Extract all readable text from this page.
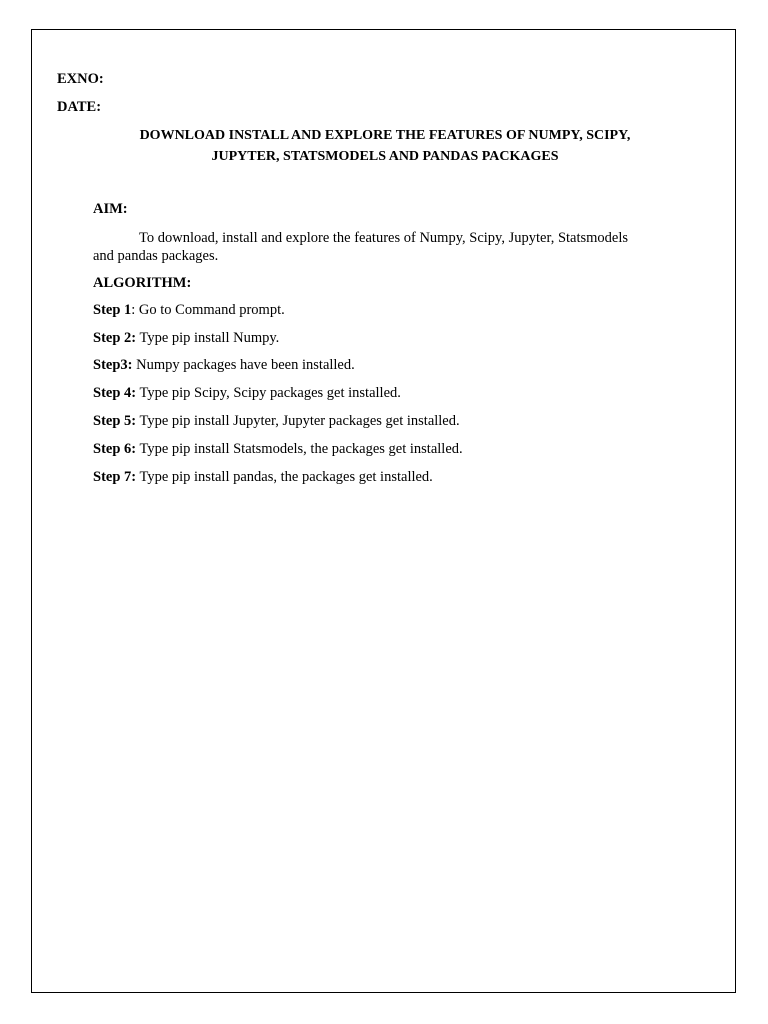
EXNO:

DATE:

DOWNLOAD INSTALL AND EXPLORE THE FEATURES OF NUMPY, SCIPY,
JUPYTER, STATSMODELS AND PANDAS PACKAGES
AIM:

To download, install and explore the features of Numpy, Scipy, Jupyter, Statsmodels
and pandas packages.

ALGORITHM:

Step 1: Go to Command prompt.

Step 2: Type pip install Numpy.

Step3: Numpy packages have been installed.

Step 4: Type pip Scipy, Scipy packages get installed.

Step 5: Type pip install Jupyter, Jupyter packages get installed.

Step 6: Type pip install Statsmodels, the packages get installed.

Step 7: Type pip install pandas, the packages get installed.
